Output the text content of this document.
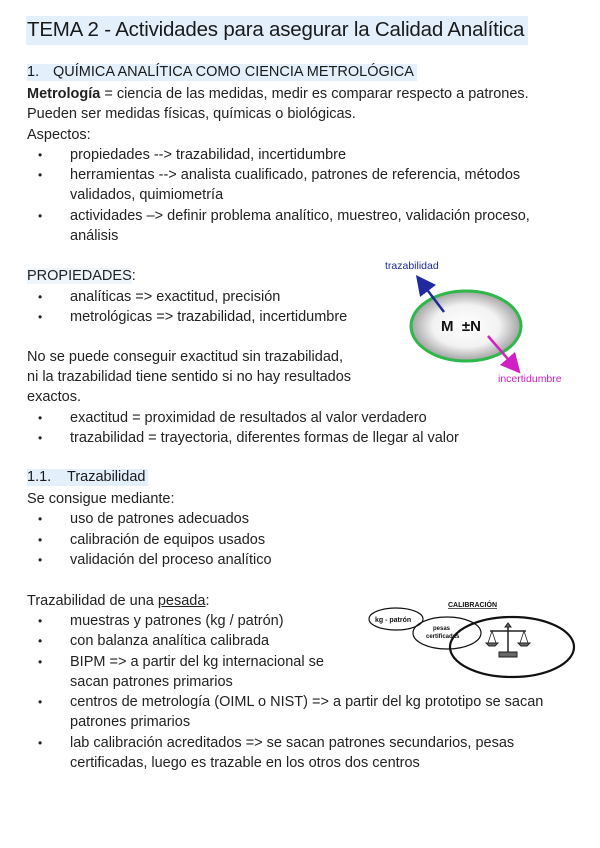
TEMA 2 - Actividades para asegurar la Calidad Analítica
1. QUÍMICA ANALÍTICA COMO CIENCIA METROLÓGICA
Metrología = ciencia de las medidas, medir es comparar respecto a patrones.
Pueden ser medidas físicas, químicas o biológicas.
Aspectos:
• propiedades --> trazabilidad, incertidumbre
• herramientas --> analista cualificado, patrones de referencia, métodos
validados, quimiometría
• actividades –> definir problema analítico, muestreo, validación proceso,
análisis
PROPIEDADES:
• analíticas => exactitud, precisión
• metrológicas => trazabilidad, incertidumbre
No se puede conseguir exactitud sin trazabilidad,
ni la trazabilidad tiene sentido si no hay resultados
exactos.
• exactitud = proximidad de resultados al valor verdadero
• trazabilidad = trayectoria, diferentes formas de llegar al valor
trazabilidad
M  ±N
incertidumbre
1.1. Trazabilidad
Se consigue mediante:
• uso de patrones adecuados
• calibración de equipos usados
• validación del proceso analítico
Trazabilidad de una pesada:
• muestras y patrones (kg / patrón)
• con balanza analítica calibrada
• BIPM => a partir del kg internacional se
sacan patrones primarios
• centros de metrología (OIML o NIST) => a partir del kg prototipo se sacan
patrones primarios
• lab calibración acreditados => se sacan patrones secundarios, pesas
certificadas, luego es trazable en los otros dos centros
CALIBRACIÓN
kg - patrón
pesas
certificadas
